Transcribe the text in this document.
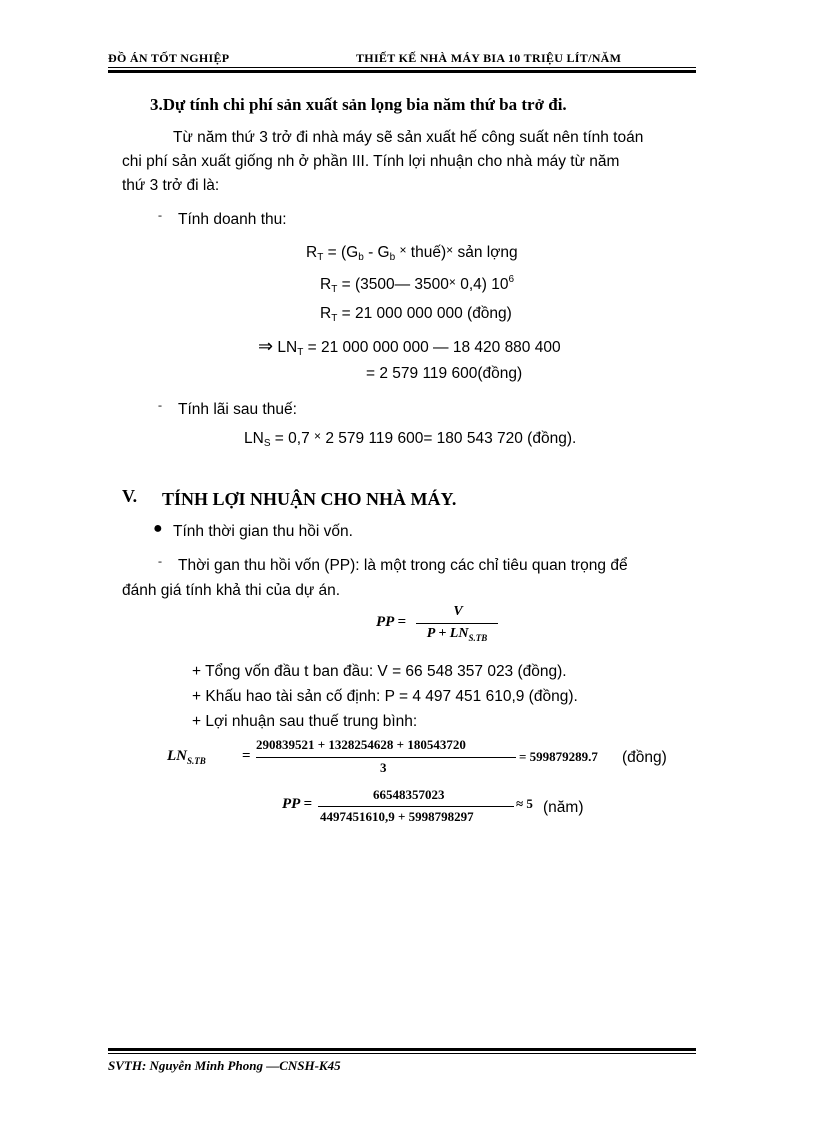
ĐỒ ÁN TỐT NGHIỆP	THIẾT KẾ NHÀ MÁY BIA 10 TRIỆU LÍT/NĂM
3.Dự tính chi phí sản xuất sản lọng bia năm thứ ba trở đi.
Từ năm thứ 3 trở đi nhà máy sẽ sản xuất hế công suất nên tính toán
chi phí sản xuất giống nh ở phần III. Tính lợi nhuận cho nhà máy từ năm
thứ 3 trở đi là:
- Tính doanh thu:
$R_T = (G_b - G_b$ × thuế)× sản lợng
$R_T$ = (3500— 3500× 0,4) $10^6$
$R_T = 21$ 000 000 000 (đồng)
⇒ $LN_T = 21$ 000 000 000 — 18 420 880 400
= 2 579 119 600(đồng)
- Tính lãi sau thuế:
$LN_S = 0,7 \times 2$ 579 119 600= 180 543 720 (đồng).
V. TÍNH LỢI NHUẬN CHO NHÀ MÁY.
● Tính thời gian thu hồi vốn.
- Thời gan thu hồi vốn (PP): là một trong các chỉ tiêu quan trọng để
đánh giá tính khả thi của dự án.
PP =
V
$P + LN_{S.TB}$
+ Tổng vốn đầu t ban đầu: V = 66 548 357 023 (đồng).
+ Khấu hao tài sản cố định: P = 4 497 451 610,9 (đồng).
+ Lợi nhuận sau thuế trung bình:
$LN_{S.TB}$ =
290839521 + 1328254628 + 180543720
3
= 599879289.7 (đồng)
PP =
66548357023
4497451610,9 + 5998798297
≈ 5 (năm)
SVTH: Nguyễn Minh Phong —CNSH-K45
